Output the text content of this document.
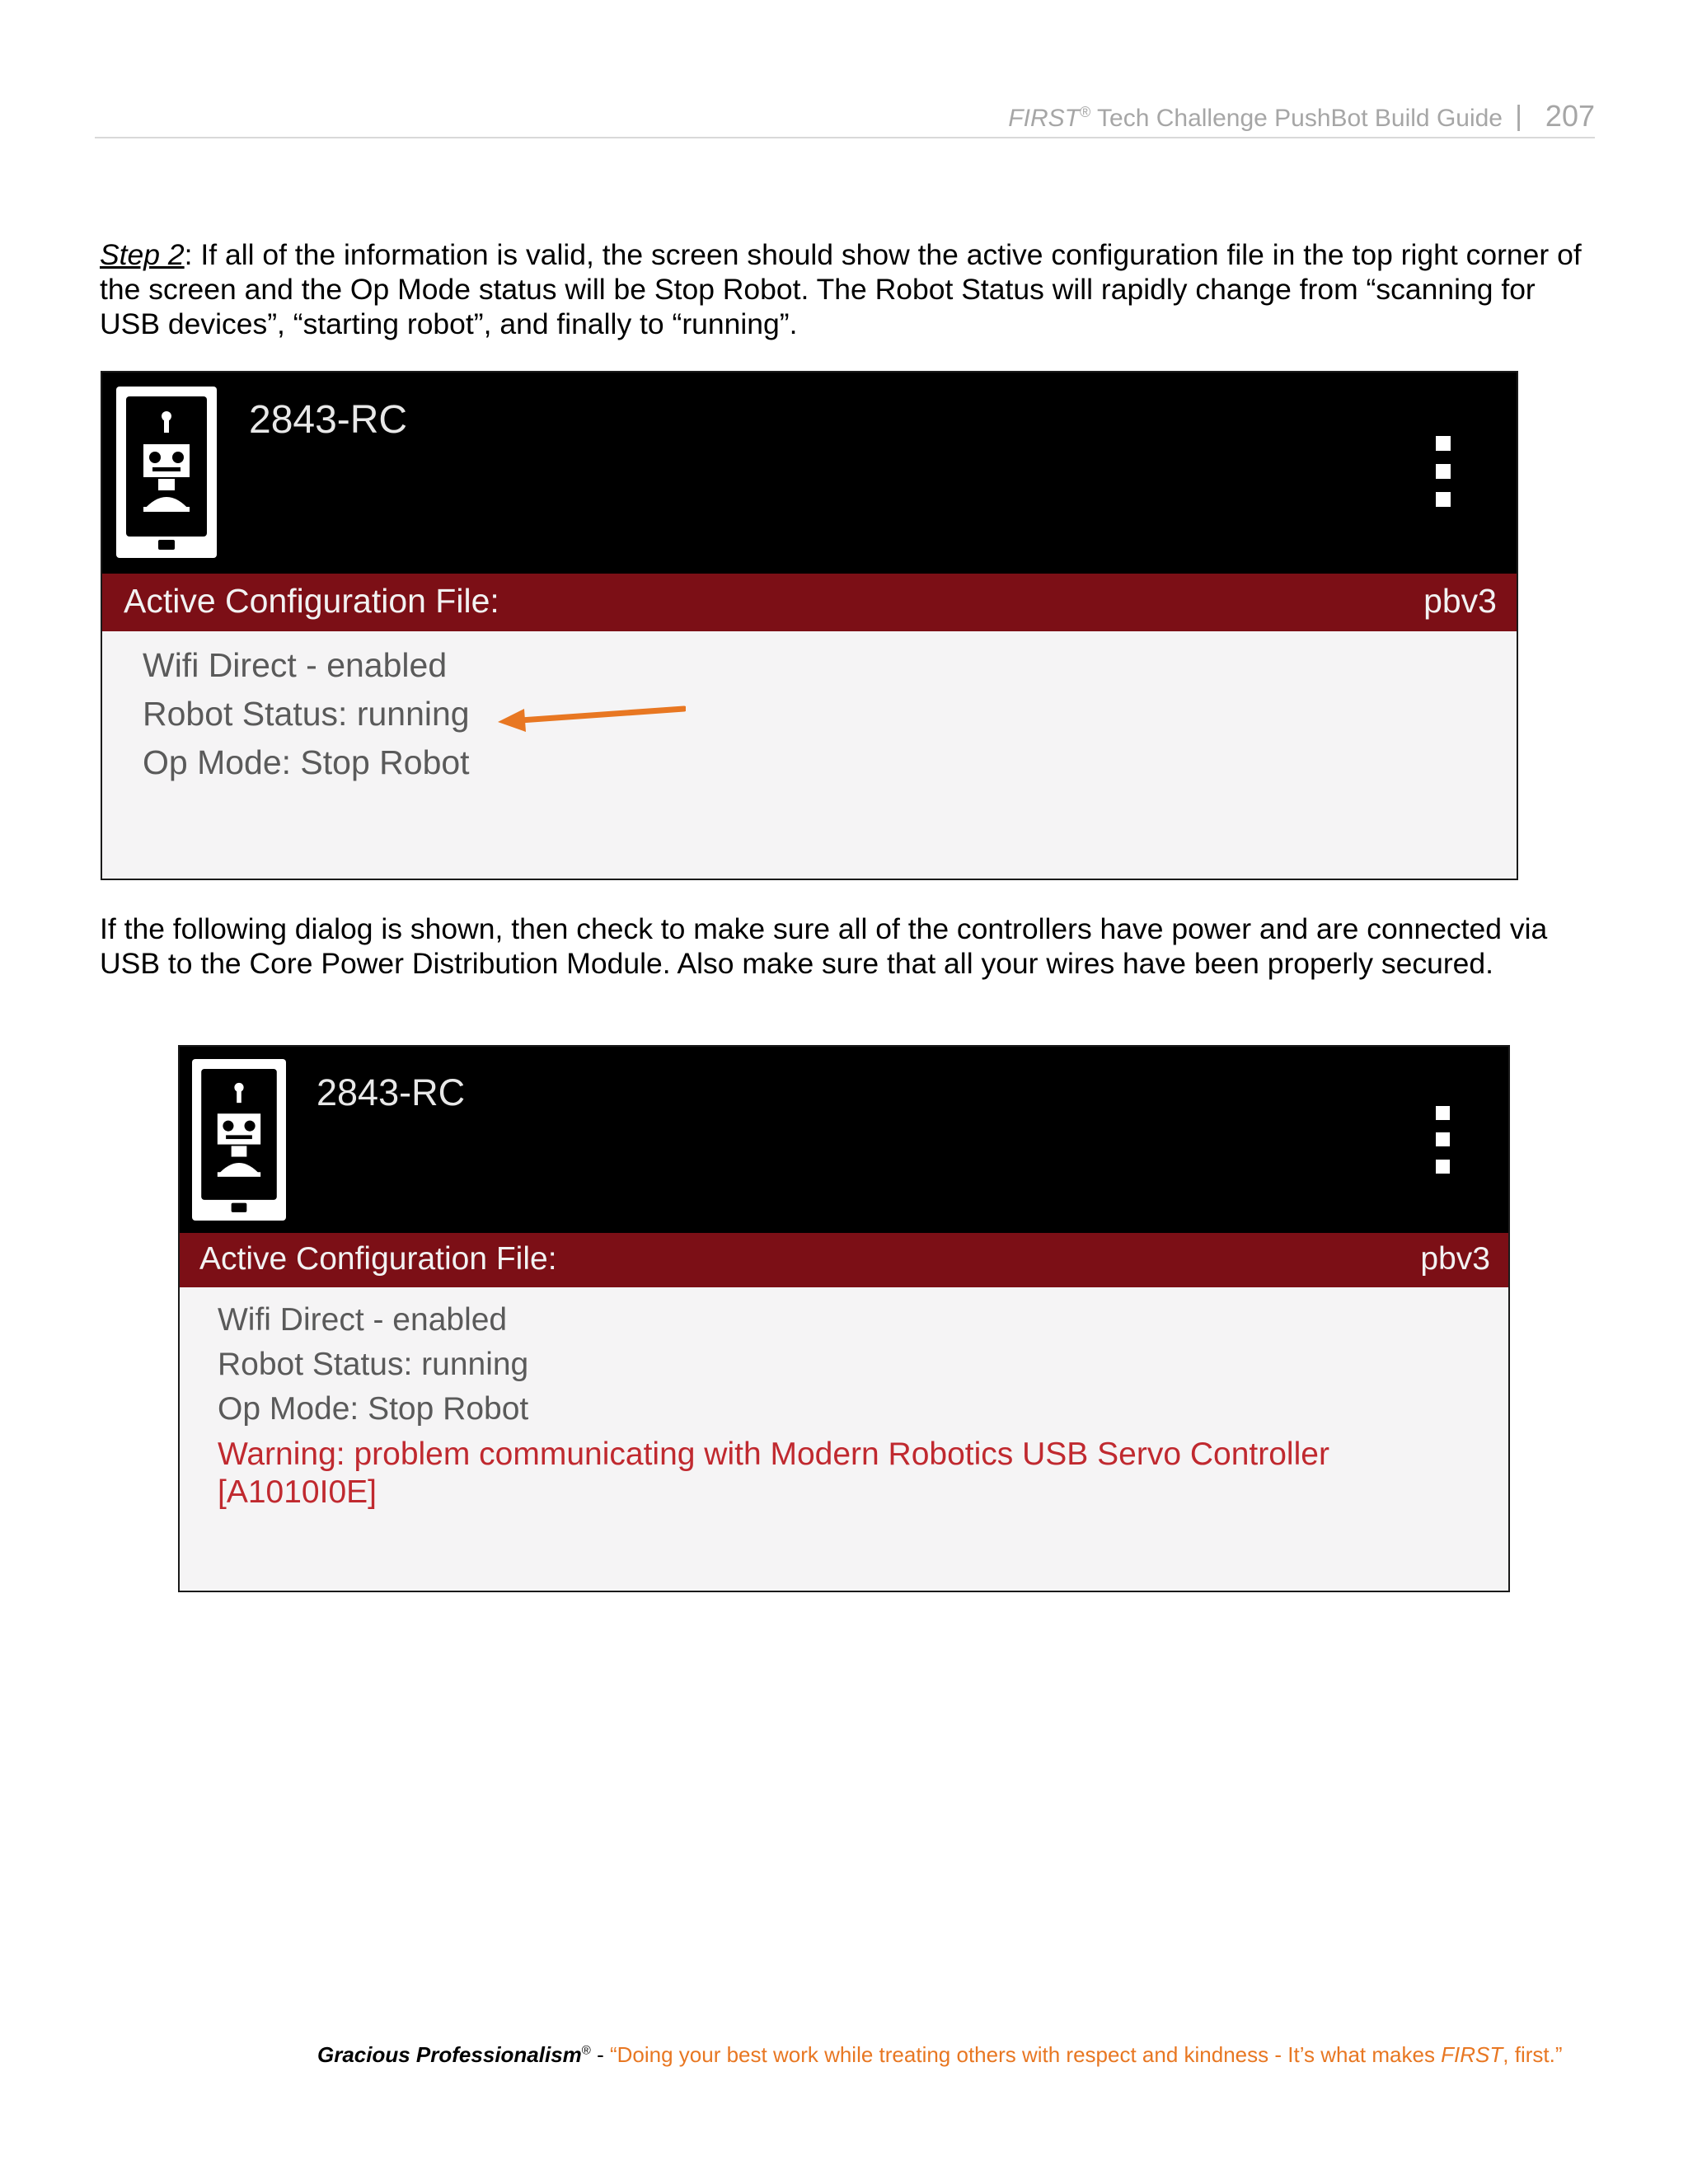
FIRST® Tech Challenge PushBot Build Guide | 207
Step 2: If all of the information is valid, the screen should show the active configuration file in the top right corner of the screen and the Op Mode status will be Stop Robot. The Robot Status will rapidly change from “scanning for USB devices”, “starting robot”, and finally to “running”.
2843-RC
Active Configuration File:	pbv3
Wifi Direct - enabled
Robot Status: running
Op Mode: Stop Robot
If the following dialog is shown, then check to make sure all of the controllers have power and are connected via USB to the Core Power Distribution Module. Also make sure that all your wires have been properly secured.
2843-RC
Active Configuration File:	pbv3
Wifi Direct - enabled
Robot Status: running
Op Mode: Stop Robot
Warning: problem communicating with Modern Robotics USB Servo Controller [A1010I0E]
Gracious Professionalism® - “Doing your best work while treating others with respect and kindness - It’s what makes FIRST, first.”
